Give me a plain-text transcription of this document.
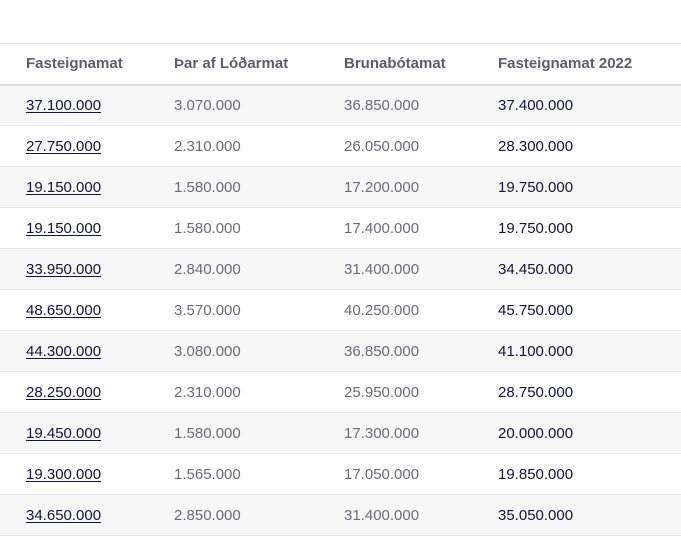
Fasteignamat	Þar af Lóðarmat	Brunabótamat	Fasteignamat 2022
37.100.000	3.070.000	36.850.000	37.400.000
27.750.000	2.310.000	26.050.000	28.300.000
19.150.000	1.580.000	17.200.000	19.750.000
19.150.000	1.580.000	17.400.000	19.750.000
33.950.000	2.840.000	31.400.000	34.450.000
48.650.000	3.570.000	40.250.000	45.750.000
44.300.000	3.080.000	36.850.000	41.100.000
28.250.000	2.310.000	25.950.000	28.750.000
19.450.000	1.580.000	17.300.000	20.000.000
19.300.000	1.565.000	17.050.000	19.850.000
34.650.000	2.850.000	31.400.000	35.050.000
